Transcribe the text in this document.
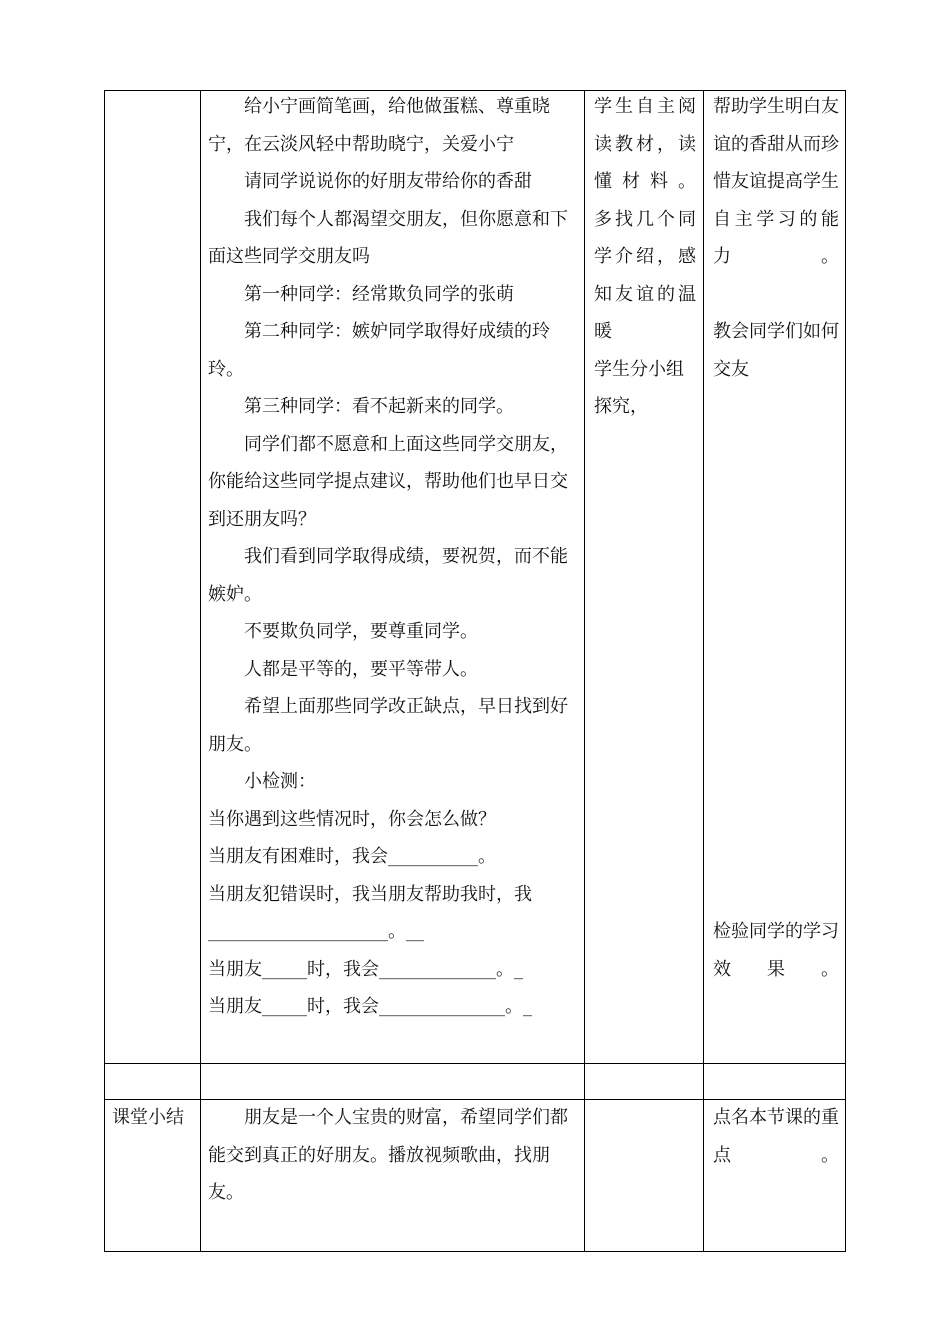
给小宁画简笔画，给他做蛋糕、尊重晓宁，在云淡风轻中帮助晓宁，关爱小宁

请同学说说你的好朋友带给你的香甜

我们每个人都渴望交朋友，但你愿意和下面这些同学交朋友吗

第一种同学：经常欺负同学的张萌

第二种同学：嫉妒同学取得好成绩的玲玲。

第三种同学：看不起新来的同学。

同学们都不愿意和上面这些同学交朋友，你能给这些同学提点建议，帮助他们也早日交到还朋友吗？

我们看到同学取得成绩，要祝贺，而不能嫉妒。

不要欺负同学，要尊重同学。

人都是平等的，要平等带人。

希望上面那些同学改正缺点，早日找到好朋友。

小检测：

当你遇到这些情况时，你会怎么做？

当朋友有困难时，我会__________。

当朋友犯错误时，我当朋友帮助我时，我

____________________。__

当朋友_____时，我会_____________。_

当朋友_____时，我会______________。_

学生自主阅读教材，读懂材料。

多找几个同学介绍，感知友谊的温暖

学生分小组探究，

帮助学生明白友谊的香甜从而珍惜友谊提高学生自主学习的能力。

教会同学们如何交友

检验同学的学习效果。

课堂小结	朋友是一个人宝贵的财富，希望同学们都能交到真正的好朋友。播放视频歌曲，找朋友。

点名本节课的重点。
